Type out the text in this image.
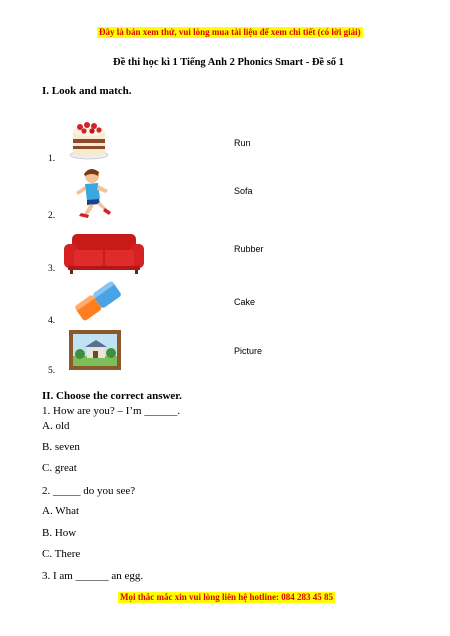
Đây là bản xem thử, vui lòng mua tài liệu để xem chi tiết (có lời giải)
Đề thi học kì 1 Tiếng Anh 2 Phonics Smart - Đề số 1
I. Look and match.
1.
2.
3.
4.
5.
Run
Sofa
Rubber
Cake
Picture
II. Choose the correct answer.
1. How are you? – I’m ______.
A. old
B. seven
C. great
2. _____ do you see?
A. What
B. How
C. There
3. I am ______ an egg.
Mọi thắc mắc xin vui lòng liên hệ hotline: 084 283 45 85
